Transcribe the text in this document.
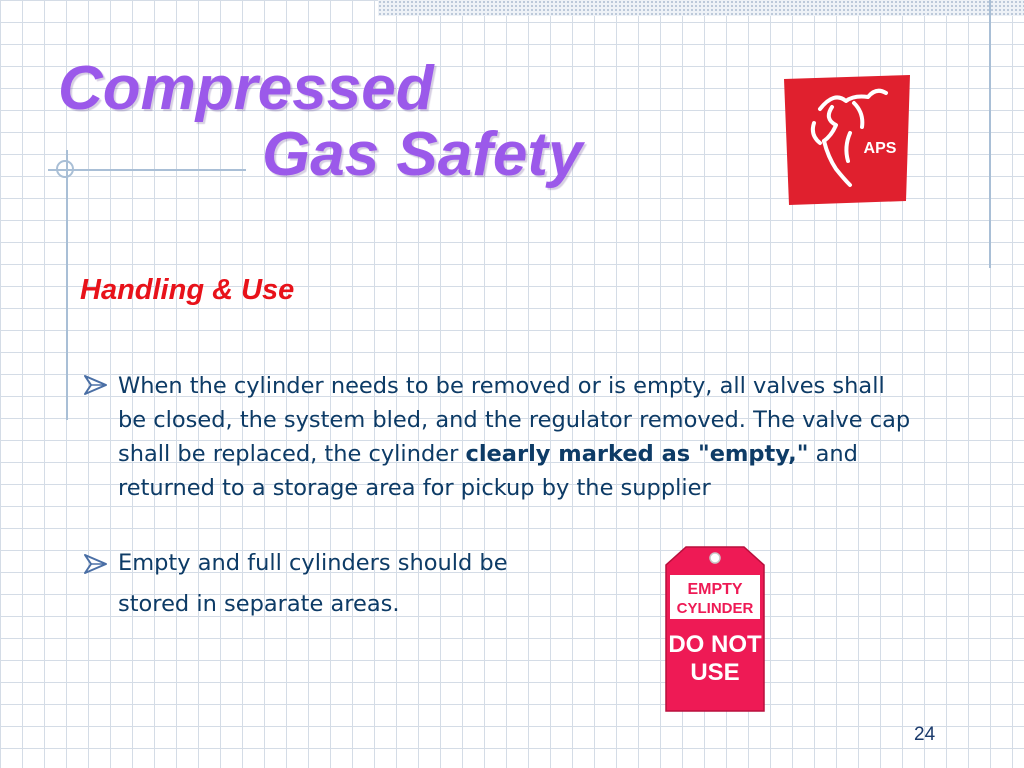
Compressed
Gas Safety	APS
Handling & Use
When the cylinder needs to be removed or is empty, all valves shall be closed, the system bled, and the regulator removed. The valve cap shall be replaced, the cylinder clearly marked as "empty," and returned to a storage area for pickup by the supplier
Empty and full cylinders should be
stored in separate areas.
EMPTY
CYLINDER
DO NOT
USE
24
